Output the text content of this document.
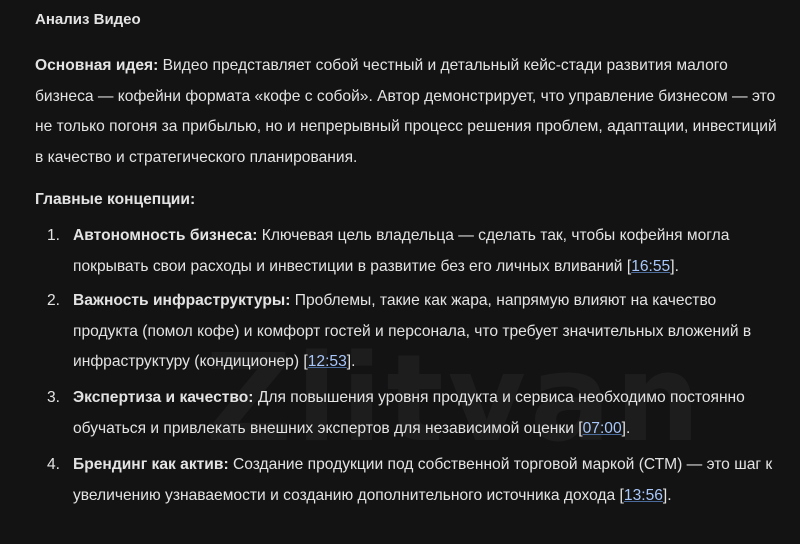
Анализ Видео
Основная идея: Видео представляет собой честный и детальный кейс-стади развития малого бизнеса — кофейни формата «кофе с собой». Автор демонстрирует, что управление бизнесом — это не только погоня за прибылью, но и непрерывный процесс решения проблем, адаптации, инвестиций в качество и стратегического планирования.
Главные концепции:
1. Автономность бизнеса: Ключевая цель владельца — сделать так, чтобы кофейня могла покрывать свои расходы и инвестиции в развитие без его личных вливаний [16:55].
2. Важность инфраструктуры: Проблемы, такие как жара, напрямую влияют на качество продукта (помол кофе) и комфорт гостей и персонала, что требует значительных вложений в инфраструктуру (кондиционер) [12:53].
3. Экспертиза и качество: Для повышения уровня продукта и сервиса необходимо постоянно обучаться и привлекать внешних экспертов для независимой оценки [07:00].
4. Брендинг как актив: Создание продукции под собственной торговой маркой (СТМ) — это шаг к увеличению узнаваемости и созданию дополнительного источника дохода [13:56].
